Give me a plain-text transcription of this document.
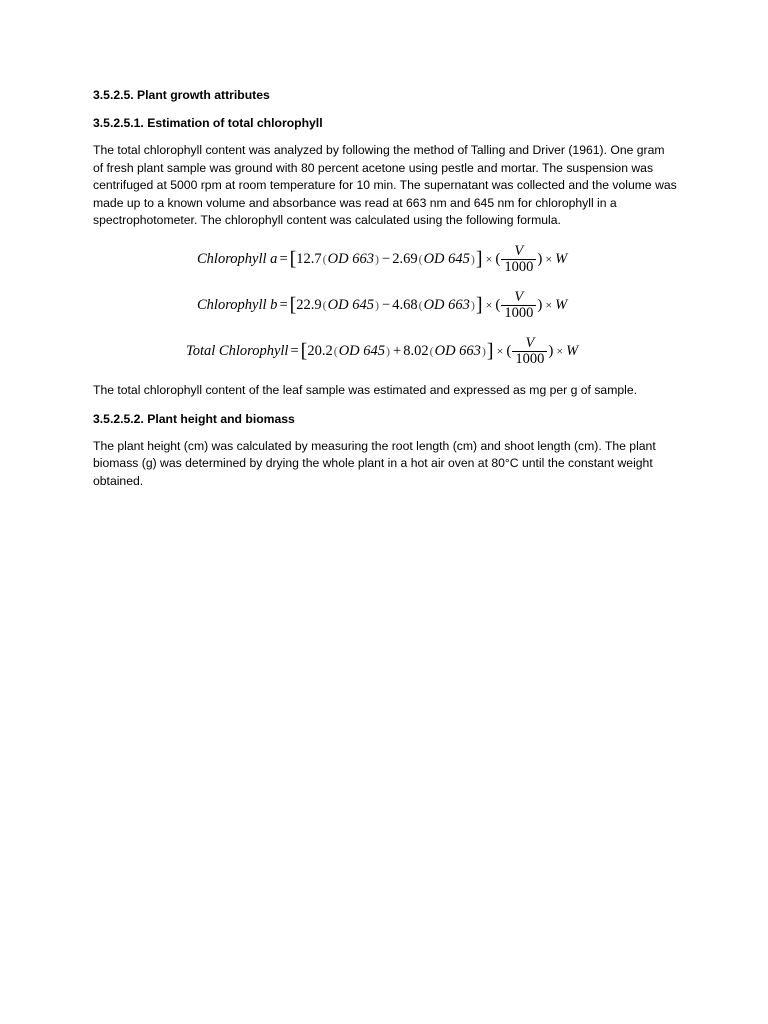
3.5.2.5. Plant growth attributes
3.5.2.5.1. Estimation of total chlorophyll

The total chlorophyll content was analyzed by following the method of Talling and Driver (1961). One gram of fresh plant sample was ground with 80 percent acetone using pestle and mortar. The suspension was centrifuged at 5000 rpm at room temperature for 10 min. The supernatant was collected and the volume was made up to a known volume and absorbance was read at 663 nm and 645 nm for chlorophyll in a spectrophotometer. The chlorophyll content was calculated using the following formula.

Chlorophyll a = [ 12.7 ( OD 663 ) − 2.69 ( OD 645 ) ] × ( $\frac{V}{1000}$ ) × W
Chlorophyll b = [ 22.9 ( OD 645 ) − 4.68 ( OD 663 ) ] × ( $\frac{V}{1000}$ ) × W
Total Chlorophyll = [ 20.2 ( OD 645 ) + 8.02 ( OD 663 ) ] × ( $\frac{V}{1000}$ ) × W

The total chlorophyll content of the leaf sample was estimated and expressed as mg per g of sample.

3.5.2.5.2. Plant height and biomass

The plant height (cm) was calculated by measuring the root length (cm) and shoot length (cm). The plant biomass (g) was determined by drying the whole plant in a hot air oven at 80°C until the constant weight obtained.
